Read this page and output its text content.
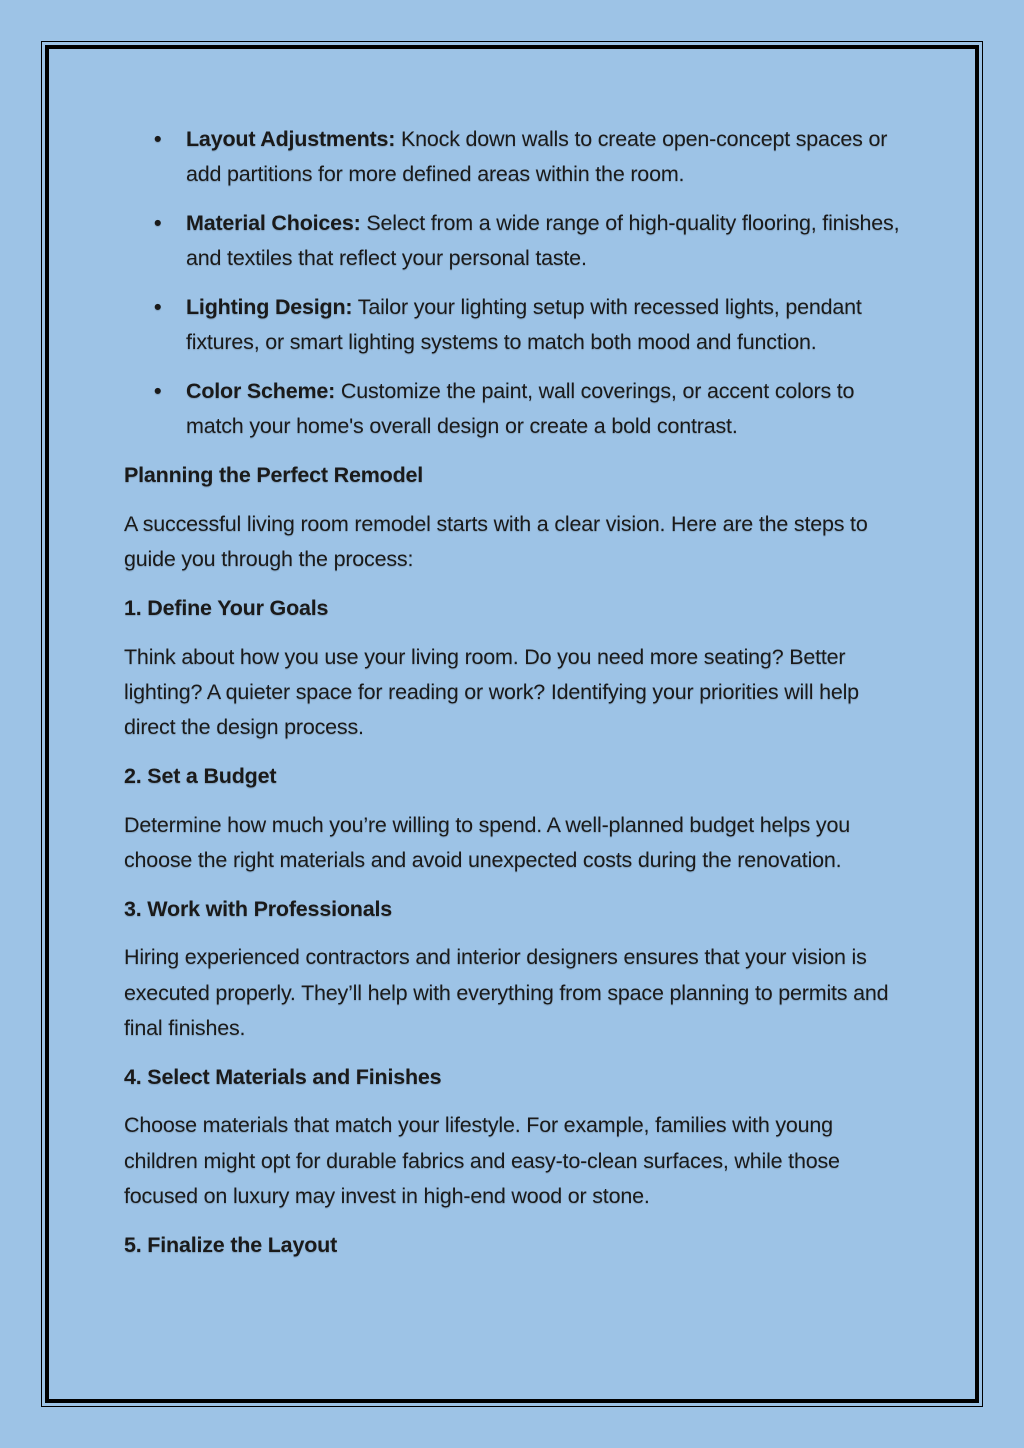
• Layout Adjustments: Knock down walls to create open-concept spaces or add partitions for more defined areas within the room.
• Material Choices: Select from a wide range of high-quality flooring, finishes, and textiles that reflect your personal taste.
• Lighting Design: Tailor your lighting setup with recessed lights, pendant fixtures, or smart lighting systems to match both mood and function.
• Color Scheme: Customize the paint, wall coverings, or accent colors to match your home's overall design or create a bold contrast.

Planning the Perfect Remodel

A successful living room remodel starts with a clear vision. Here are the steps to guide you through the process:

1. Define Your Goals

Think about how you use your living room. Do you need more seating? Better lighting? A quieter space for reading or work? Identifying your priorities will help direct the design process.

2. Set a Budget

Determine how much you’re willing to spend. A well-planned budget helps you choose the right materials and avoid unexpected costs during the renovation.

3. Work with Professionals

Hiring experienced contractors and interior designers ensures that your vision is executed properly. They’ll help with everything from space planning to permits and final finishes.

4. Select Materials and Finishes

Choose materials that match your lifestyle. For example, families with young children might opt for durable fabrics and easy-to-clean surfaces, while those focused on luxury may invest in high-end wood or stone.

5. Finalize the Layout
